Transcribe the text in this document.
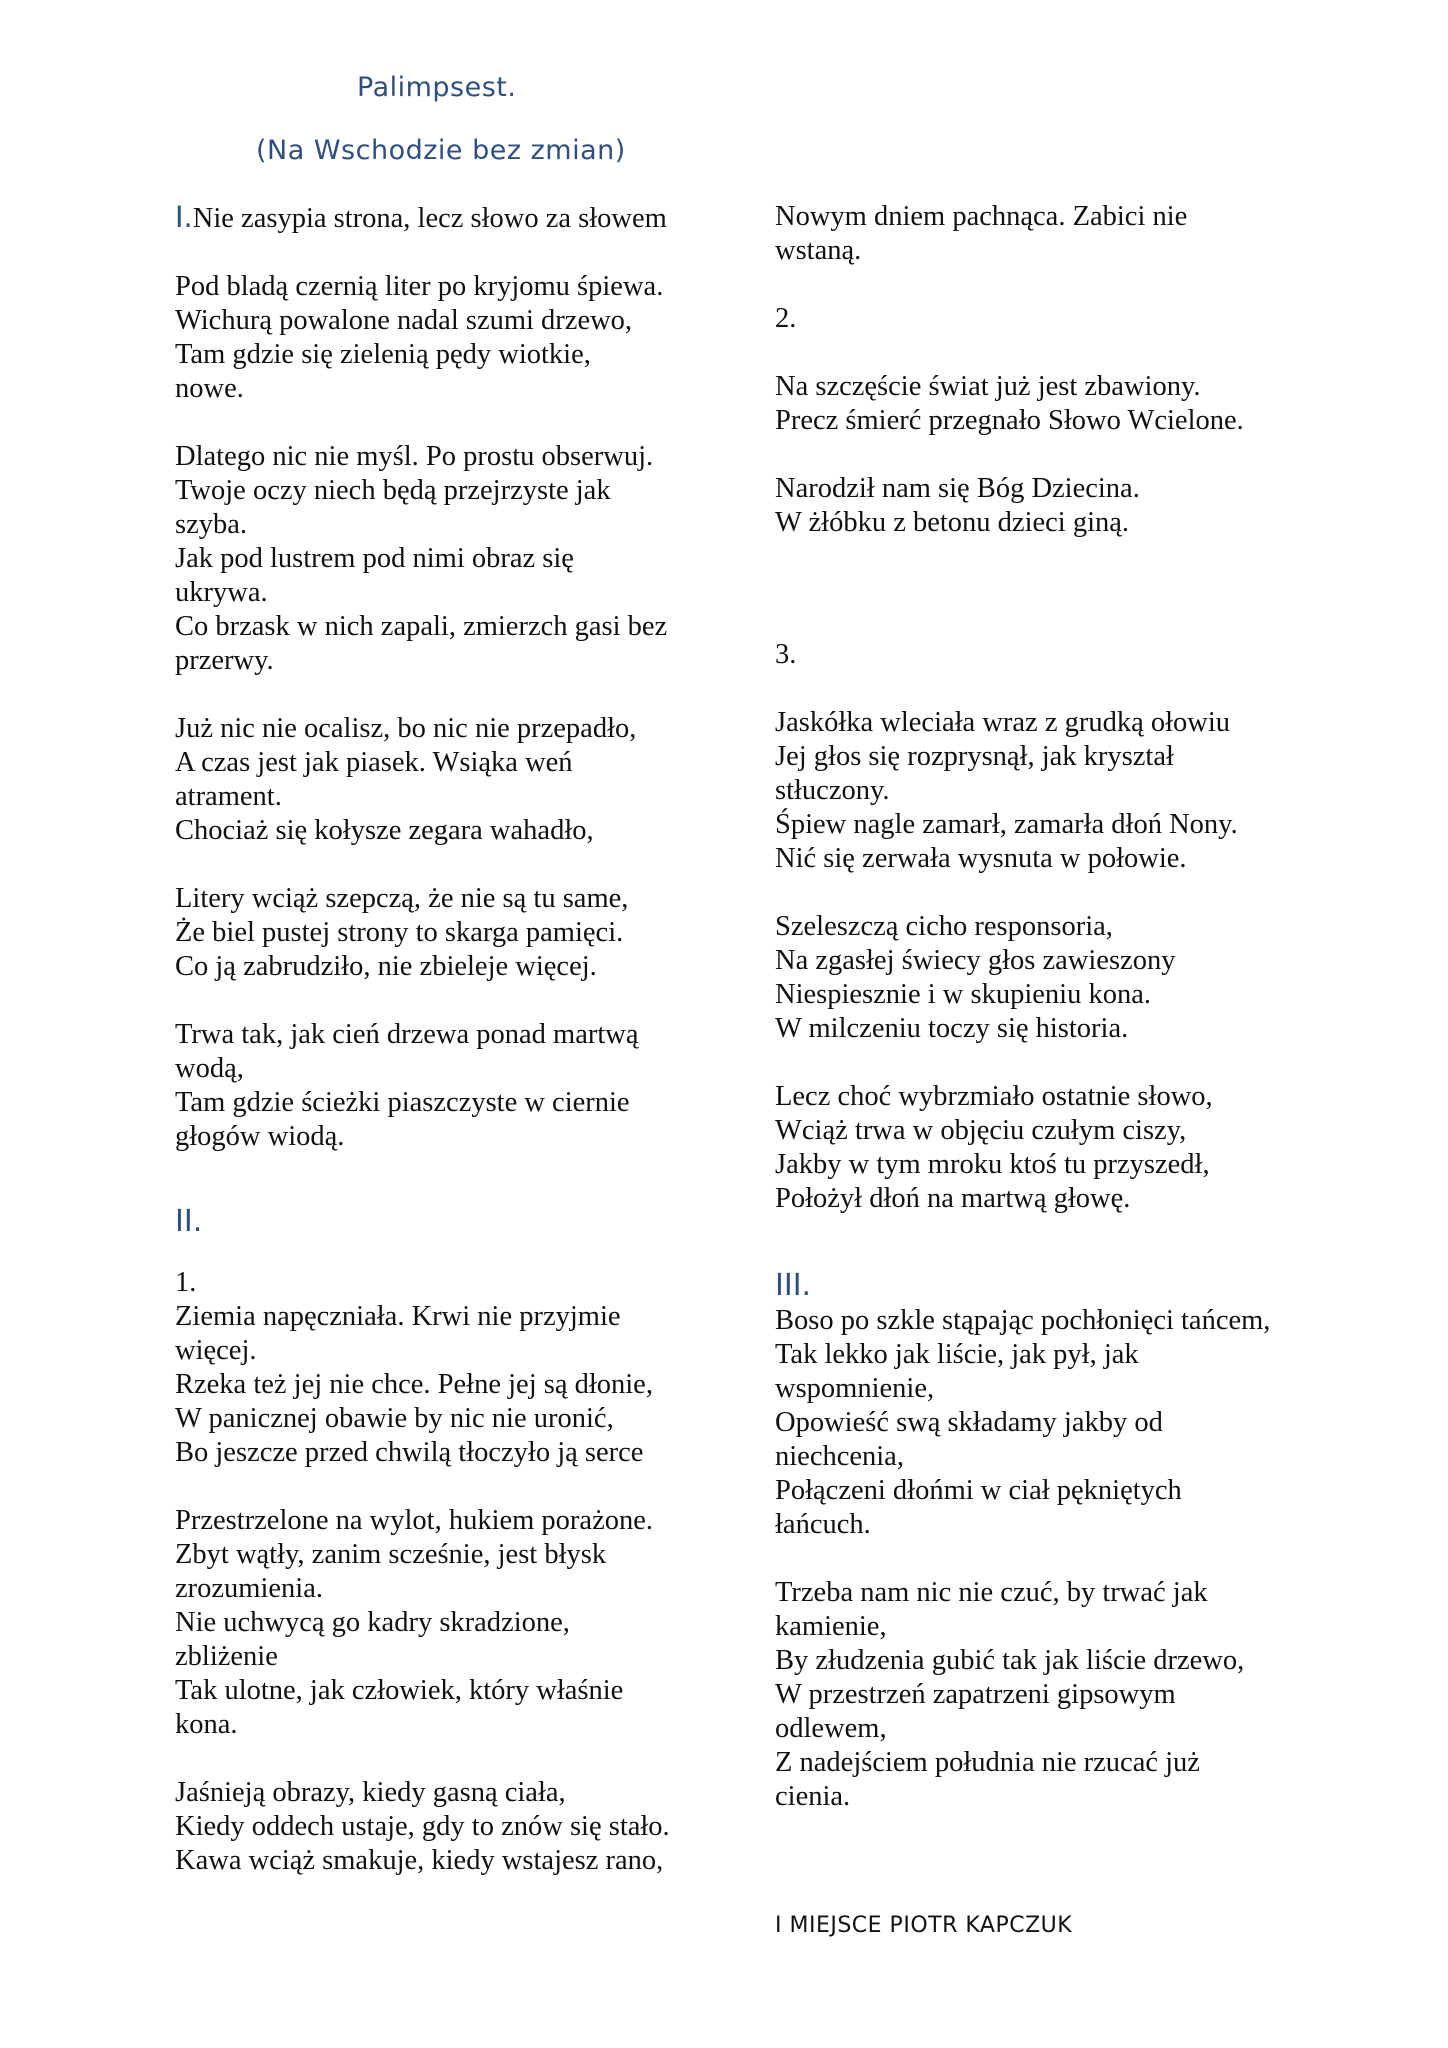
Palimpsest.
(Na Wschodzie bez zmian)
I.Nie zasypia strona, lecz słowo za słowem
Pod bladą czernią liter po kryjomu śpiewa.
Wichurą powalone nadal szumi drzewo,
Tam gdzie się zielenią pędy wiotkie,
nowe.
Dlatego nic nie myśl. Po prostu obserwuj.
Twoje oczy niech będą przejrzyste jak
szyba.
Jak pod lustrem pod nimi obraz się
ukrywa.
Co brzask w nich zapali, zmierzch gasi bez
przerwy.
Już nic nie ocalisz, bo nic nie przepadło,
A czas jest jak piasek. Wsiąka weń
atrament.
Chociaż się kołysze zegara wahadło,
Litery wciąż szepczą, że nie są tu same,
Że biel pustej strony to skarga pamięci.
Co ją zabrudziło, nie zbieleje więcej.
Trwa tak, jak cień drzewa ponad martwą
wodą,
Tam gdzie ścieżki piaszczyste w ciernie
głogów wiodą.
II.
1.
Ziemia napęczniała. Krwi nie przyjmie
więcej.
Rzeka też jej nie chce. Pełne jej są dłonie,
W panicznej obawie by nic nie uronić,
Bo jeszcze przed chwilą tłoczyło ją serce
Przestrzelone na wylot, hukiem porażone.
Zbyt wątły, zanim scześnie, jest błysk
zrozumienia.
Nie uchwycą go kadry skradzione,
zbliżenie
Tak ulotne, jak człowiek, który właśnie
kona.
Jaśnieją obrazy, kiedy gasną ciała,
Kiedy oddech ustaje, gdy to znów się stało.
Kawa wciąż smakuje, kiedy wstajesz rano,
Nowym dniem pachnąca. Zabici nie
wstaną.
2.
Na szczęście świat już jest zbawiony.
Precz śmierć przegnało Słowo Wcielone.
Narodził nam się Bóg Dziecina.
W żłóbku z betonu dzieci giną.
3.
Jaskółka wleciała wraz z grudką ołowiu
Jej głos się rozprysnął, jak kryształ
stłuczony.
Śpiew nagle zamarł, zamarła dłoń Nony.
Nić się zerwała wysnuta w połowie.
Szeleszczą cicho responsoria,
Na zgasłej świecy głos zawieszony
Niespiesznie i w skupieniu kona.
W milczeniu toczy się historia.
Lecz choć wybrzmiało ostatnie słowo,
Wciąż trwa w objęciu czułym ciszy,
Jakby w tym mroku ktoś tu przyszedł,
Położył dłoń na martwą głowę.
III.
Boso po szkle stąpając pochłonięci tańcem,
Tak lekko jak liście, jak pył, jak
wspomnienie,
Opowieść swą składamy jakby od
niechcenia,
Połączeni dłońmi w ciał pękniętych
łańcuch.
Trzeba nam nic nie czuć, by trwać jak
kamienie,
By złudzenia gubić tak jak liście drzewo,
W przestrzeń zapatrzeni gipsowym
odlewem,
Z nadejściem południa nie rzucać już
cienia.
I MIEJSCE PIOTR KAPCZUK
